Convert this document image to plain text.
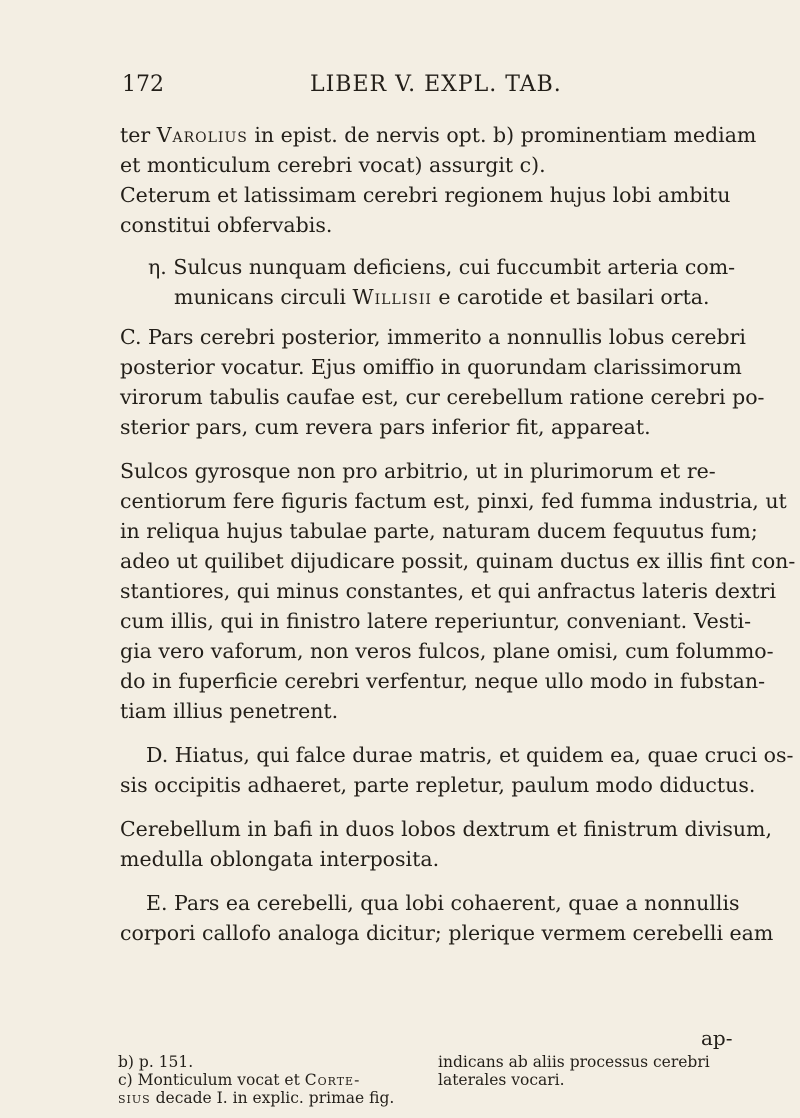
172	LIBER V. EXPL. TAB.
ter Varolius in epist. de nervis opt. b) prominentiam mediam
et monticulum cerebri vocat) assurgit c).
Ceterum et latissimam cerebri regionem hujus lobi ambitu
constitui obfervabis.
η. Sulcus nunquam deficiens, cui fuccumbit arteria com-
municans circuli Willisii e carotide et basilari orta.
C. Pars cerebri posterior, immerito a nonnullis lobus cerebri
posterior vocatur. Ejus omiffio in quorundam clarissimorum
virorum tabulis caufae est, cur cerebellum ratione cerebri po-
sterior pars, cum revera pars inferior fit, appareat.
Sulcos gyrosque non pro arbitrio, ut in plurimorum et re-
centiorum fere figuris factum est, pinxi, fed fumma industria, ut
in reliqua hujus tabulae parte, naturam ducem fequutus fum;
adeo ut quilibet dijudicare possit, quinam ductus ex illis fint con-
stantiores, qui minus constantes, et qui anfractus lateris dextri
cum illis, qui in finistro latere reperiuntur, conveniant. Vesti-
gia vero vaforum, non veros fulcos, plane omisi, cum folummo-
do in fuperficie cerebri verfentur, neque ullo modo in fubstan-
tiam illius penetrent.
D. Hiatus, qui falce durae matris, et quidem ea, quae cruci os-
sis occipitis adhaeret, parte repletur, paulum modo diductus.
Cerebellum in bafi in duos lobos dextrum et finistrum divisum,
medulla oblongata interposita.
E. Pars ea cerebelli, qua lobi cohaerent, quae a nonnullis
corpori callofo analoga dicitur; plerique vermem cerebelli eam
ap-
b) p. 151.	indicans ab aliis processus cerebri
c) Monticulum vocat et Corte-	laterales vocari.
sius decade I. in explic. primae fig.
